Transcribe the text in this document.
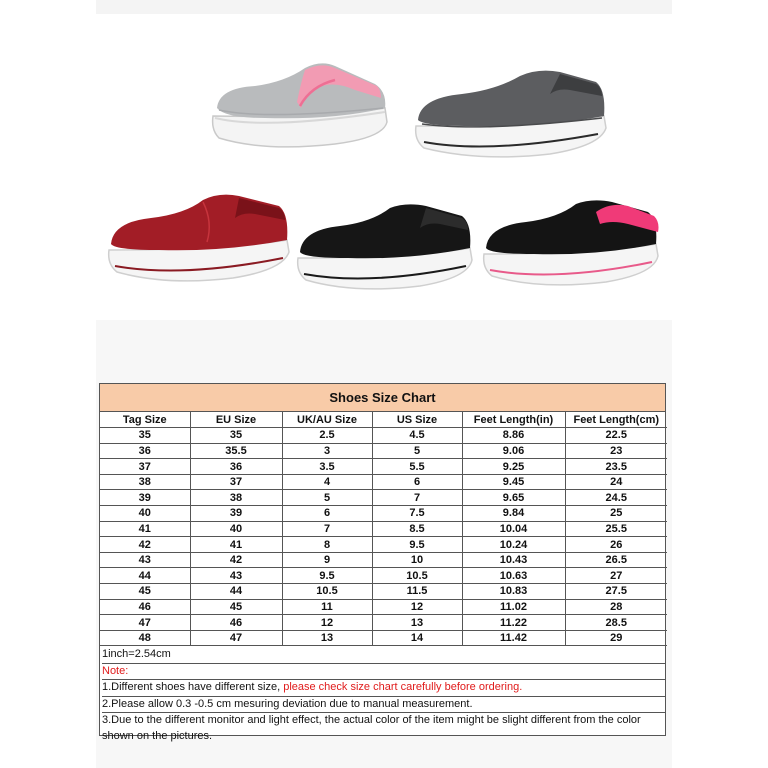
Shoes Size Chart
Tag Size	EU Size	UK/AU Size	US Size	Feet Length(in)	Feet Length(cm)
35	35	2.5	4.5	8.86	22.5
36	35.5	3	5	9.06	23
37	36	3.5	5.5	9.25	23.5
38	37	4	6	9.45	24
39	38	5	7	9.65	24.5
40	39	6	7.5	9.84	25
41	40	7	8.5	10.04	25.5
42	41	8	9.5	10.24	26
43	42	9	10	10.43	26.5
44	43	9.5	10.5	10.63	27
45	44	10.5	11.5	10.83	27.5
46	45	11	12	11.02	28
47	46	12	13	11.22	28.5
48	47	13	14	11.42	29
1inch=2.54cm
Note:
1.Different shoes have different size, please check size chart carefully before ordering.
2.Please allow 0.3 -0.5 cm mesuring deviation due to manual measurement.
3.Due to the different monitor and light effect, the actual color of the item might be slight different from the color shown on the pictures.
